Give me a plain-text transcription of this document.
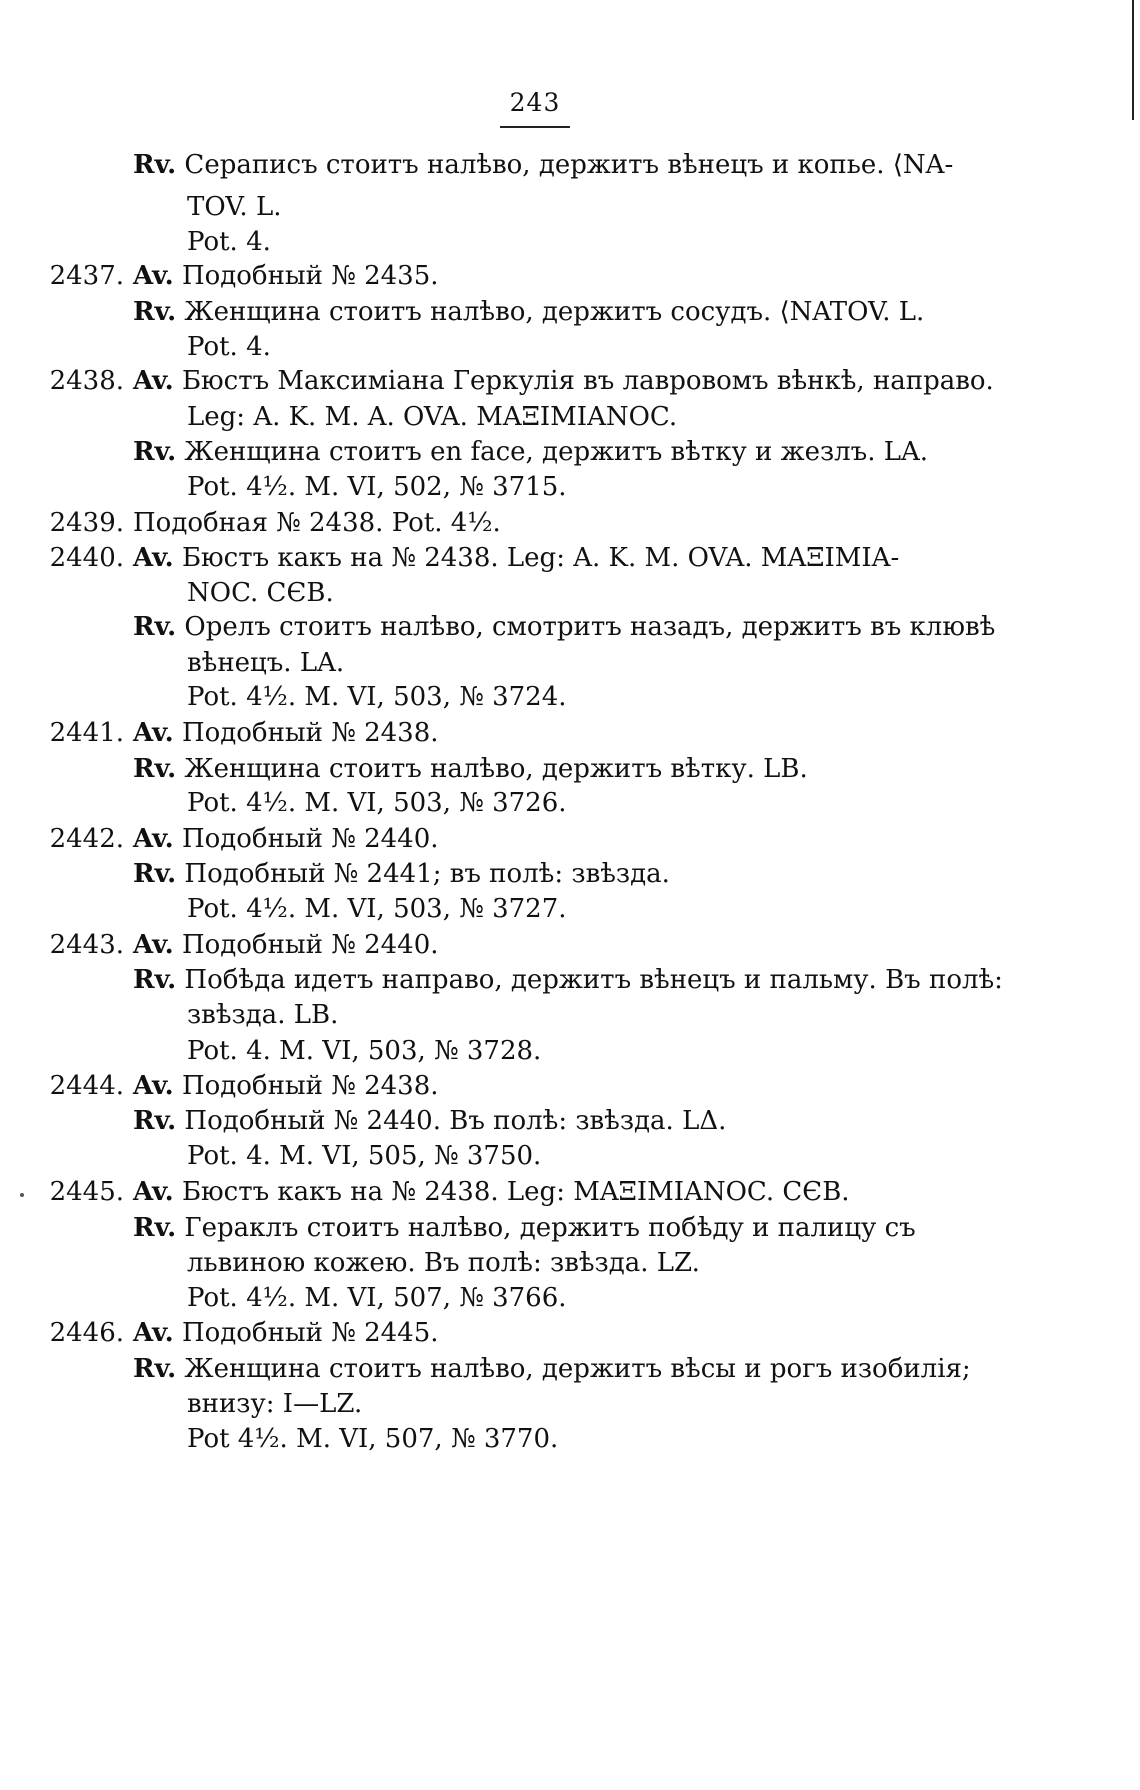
243
Rv. Сераписъ стоитъ налѣво, держитъ вѣнецъ и копье. ⟨NA-
TOV. L.
Pot. 4.
2437. Av. Подобный № 2435.
Rv. Женщина стоитъ налѣво, держитъ сосудъ. ⟨NATOV. L.
Pot. 4.
2438. Av. Бюстъ Максиміана Геркулія въ лавровомъ вѣнкѣ, направо.
Leg: A. K. M. A. OVA. MAΞIMIANOC.
Rv. Женщина стоитъ en face, держитъ вѣтку и жезлъ. LA.
Pot. 4½. M. VI, 502, № 3715.
2439. Подобная № 2438. Pot. 4½.
2440. Av. Бюстъ какъ на № 2438. Leg: A. K. M. OVA. MAΞIMIA-
NOC. CЄB.
Rv. Орелъ стоитъ налѣво, смотритъ назадъ, держитъ въ клювѣ
вѣнецъ. LA.
Pot. 4½. M. VI, 503, № 3724.
2441. Av. Подобный № 2438.
Rv. Женщина стоитъ налѣво, держитъ вѣтку. LB.
Pot. 4½. M. VI, 503, № 3726.
2442. Av. Подобный № 2440.
Rv. Подобный № 2441; въ полѣ: звѣзда.
Pot. 4½. M. VI, 503, № 3727.
2443. Av. Подобный № 2440.
Rv. Побѣда идетъ направо, держитъ вѣнецъ и пальму. Въ полѣ:
звѣзда. LB.
Pot. 4. M. VI, 503, № 3728.
2444. Av. Подобный № 2438.
Rv. Подобный № 2440. Въ полѣ: звѣзда. LΔ.
Pot. 4. M. VI, 505, № 3750.
2445. Av. Бюстъ какъ на № 2438. Leg: MAΞIMIANOC. CЄB.
Rv. Гераклъ стоитъ налѣво, держитъ побѣду и палицу съ
львиною кожею. Въ полѣ: звѣзда. LZ.
Pot. 4½. M. VI, 507, № 3766.
2446. Av. Подобный № 2445.
Rv. Женщина стоитъ налѣво, держитъ вѣсы и рогъ изобилія;
внизу: I—LZ.
Pot 4½. M. VI, 507, № 3770.
